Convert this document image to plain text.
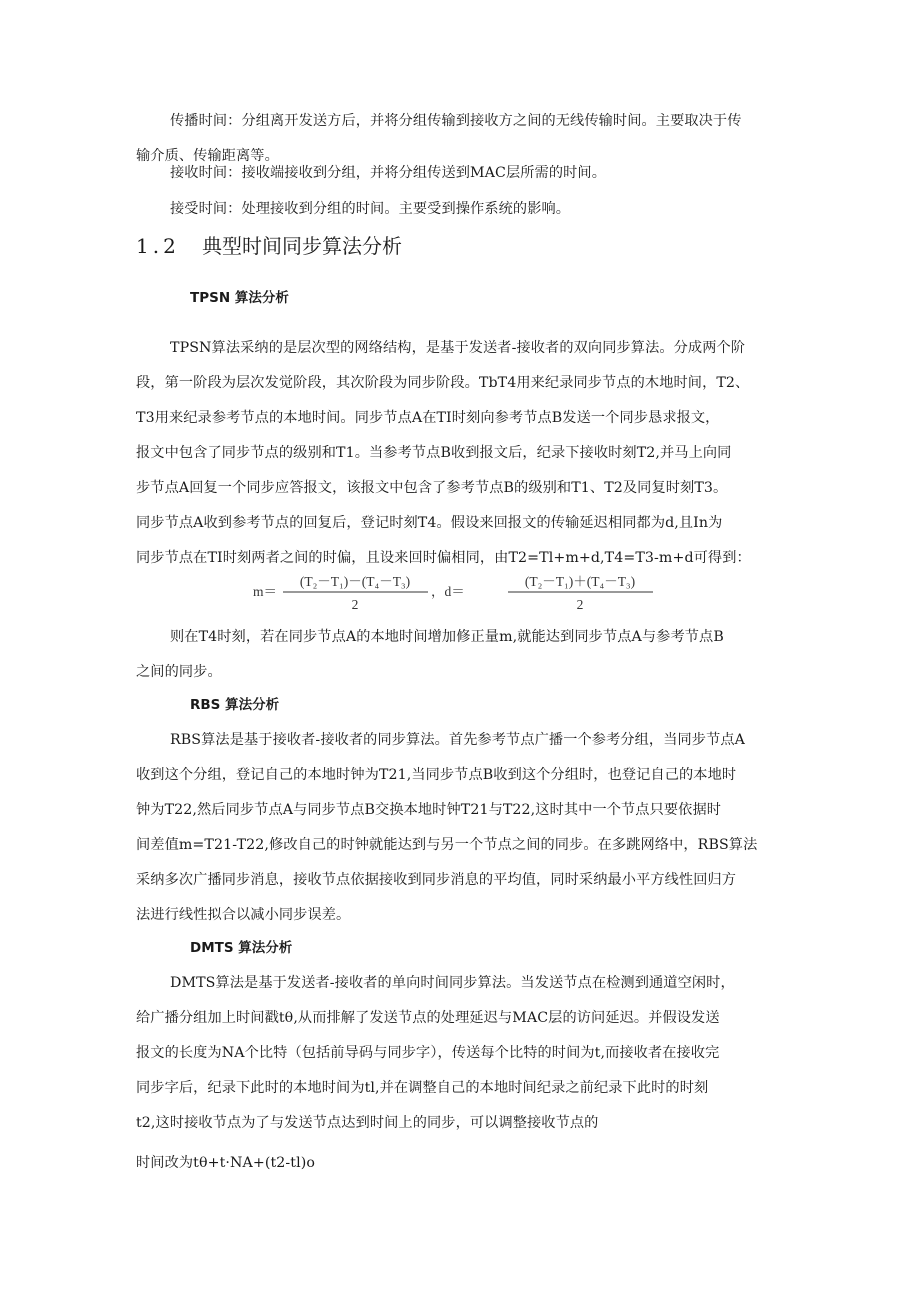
传播时间：分组离开发送方后，并将分组传输到接收方之间的无线传输时间。主要取决于传
输介质、传输距离等。
接收时间：接收端接收到分组，并将分组传送到MAC层所需的时间。
接受时间：处理接收到分组的时间。主要受到操作系统的影响。
1.2 典型时间同步算法分析
TPSN 算法分析
TPSN算法采纳的是层次型的网络结构，是基于发送者-接收者的双向同步算法。分成两个阶
段，第一阶段为层次发觉阶段，其次阶段为同步阶段。TbT4用来纪录同步节点的木地时间，T2、
T3用来纪录参考节点的本地时间。同步节点A在TI时刻向参考节点B发送一个同步恳求报文，
报文中包含了同步节点的级别和T1。当参考节点B收到报文后，纪录下接收时刻T2,并马上向同
步节点A回复一个同步应答报文，该报文中包含了参考节点B的级别和T1、T2及同复时刻T3。
同步节点A收到参考节点的回复后，登记时刻T4。假设来回报文的传输延迟相同都为d,且In为
同步节点在TI时刻两者之间的时偏，且设来回时偏相同，由T2=Tl+m+d,T4=T3-m+d可得到：
m＝
(T₂－T₁)－(T₄－T₃)
2
，d＝
(T₂－T₁)＋(T₄－T₃)
2
则在T4时刻，若在同步节点A的本地时间增加修正量m,就能达到同步节点A与参考节点B
之间的同步。
RBS 算法分析
RBS算法是基于接收者-接收者的同步算法。首先参考节点广播一个参考分组，当同步节点A
收到这个分组，登记自己的本地时钟为T21,当同步节点B收到这个分组时，也登记自己的本地时
钟为T22,然后同步节点A与同步节点B交换本地时钟T21与T22,这时其中一个节点只要依据时
间差值m=T21-T22,修改自己的时钟就能达到与另一个节点之间的同步。在多跳网络中，RBS算法
采纳多次广播同步消息，接收节点依据接收到同步消息的平均值，同时采纳最小平方线性回归方
法进行线性拟合以减小同步误差。
DMTS 算法分析
DMTS算法是基于发送者-接收者的单向时间同步算法。当发送节点在检测到通道空闲时，
给广播分组加上时间戳tθ,从而排解了发送节点的处理延迟与MAC层的访问延迟。并假设发送
报文的长度为NA个比特（包括前导码与同步字），传送每个比特的时间为t,而接收者在接收完
同步字后，纪录下此时的本地时间为tl,并在调整自己的本地时间纪录之前纪录下此时的时刻
t2,这时接收节点为了与发送节点达到时间上的同步，可以调整接收节点的
时间改为tθ+t·NA+(t2-tl)o
